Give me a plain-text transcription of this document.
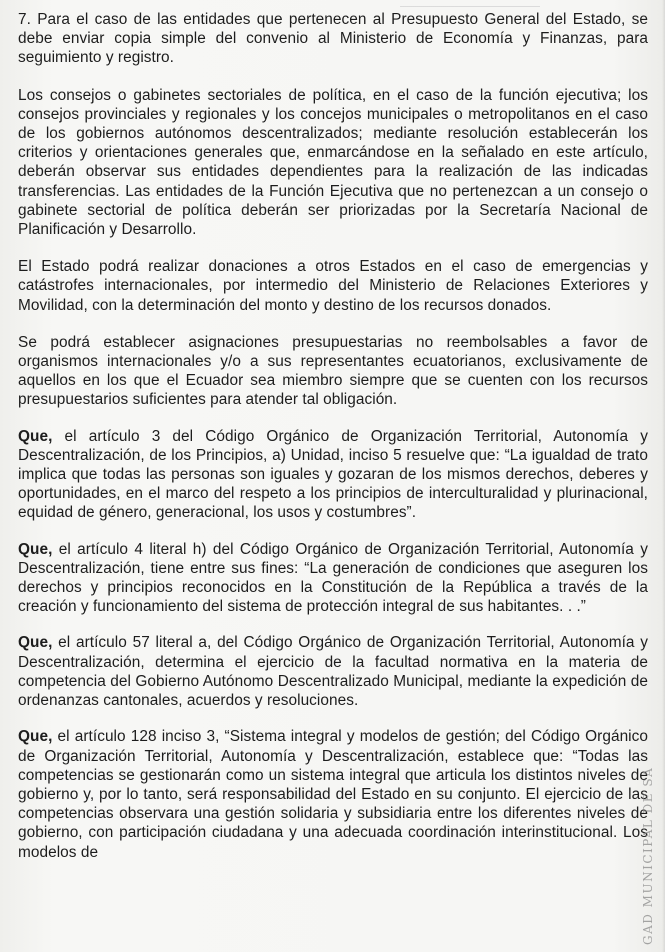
7. Para el caso de las entidades que pertenecen al Presupuesto General del Estado, se debe enviar copia simple del convenio al Ministerio de Economía y Finanzas, para seguimiento y registro.

Los consejos o gabinetes sectoriales de política, en el caso de la función ejecutiva; los consejos provinciales y regionales y los concejos municipales o metropolitanos en el caso de los gobiernos autónomos descentralizados; mediante resolución establecerán los criterios y orientaciones generales que, enmarcándose en la señalado en este artículo, deberán observar sus entidades dependientes para la realización de las indicadas transferencias. Las entidades de la Función Ejecutiva que no pertenezcan a un consejo o gabinete sectorial de política deberán ser priorizadas por la Secretaría Nacional de Planificación y Desarrollo.

El Estado podrá realizar donaciones a otros Estados en el caso de emergencias y catástrofes internacionales, por intermedio del Ministerio de Relaciones Exteriores y Movilidad, con la determinación del monto y destino de los recursos donados.

Se podrá establecer asignaciones presupuestarias no reembolsables a favor de organismos internacionales y/o a sus representantes ecuatorianos, exclusivamente de aquellos en los que el Ecuador sea miembro siempre que se cuenten con los recursos presupuestarios suficientes para atender tal obligación.

Que, el artículo 3 del Código Orgánico de Organización Territorial, Autonomía y Descentralización, de los Principios, a) Unidad, inciso 5 resuelve que: “La igualdad de trato implica que todas las personas son iguales y gozaran de los mismos derechos, deberes y oportunidades, en el marco del respeto a los principios de interculturalidad y plurinacional, equidad de género, generacional, los usos y costumbres”.

Que, el artículo 4 literal h) del Código Orgánico de Organización Territorial, Autonomía y Descentralización, tiene entre sus fines: “La generación de condiciones que aseguren los derechos y principios reconocidos en la Constitución de la República a través de la creación y funcionamiento del sistema de protección integral de sus habitantes. . .”

Que, el artículo 57 literal a, del Código Orgánico de Organización Territorial, Autonomía y Descentralización, determina el ejercicio de la facultad normativa en la materia de competencia del Gobierno Autónomo Descentralizado Municipal, mediante la expedición de ordenanzas cantonales, acuerdos y resoluciones.

Que, el artículo 128 inciso 3, “Sistema integral y modelos de gestión; del Código Orgánico de Organización Territorial, Autonomía y Descentralización, establece que: “Todas las competencias se gestionarán como un sistema integral que articula los distintos niveles de gobierno y, por lo tanto, será responsabilidad del Estado en su conjunto. El ejercicio de las competencias observara una gestión solidaria y subsidiaria entre los diferentes niveles de gobierno, con participación ciudadana y una adecuada coordinación interinstitucional. Los modelos de	GAD MUNICIPAL DE SA
